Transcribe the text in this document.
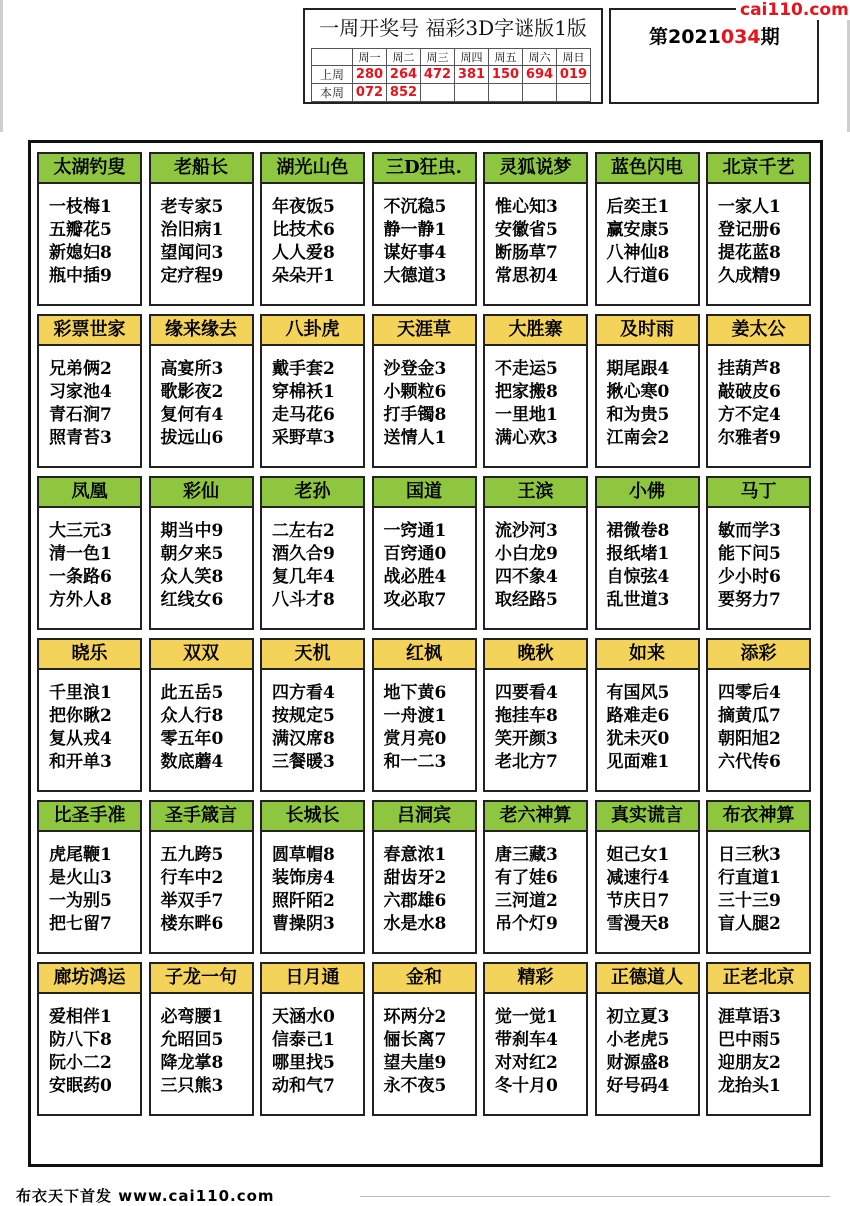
一周开奖号 福彩3D字谜版1版
	周一	周二	周三	周四	周五	周六	周日
上周	280	264	472	381	150	694	019
本周	072	852					
第2021034期
cai110.com
太湖钓叟
一枝梅1
五瓣花5
新媳妇8
瓶中插9
老船长
老专家5
治旧病1
望闻问3
定疗程9
湖光山色
年夜饭5
比技术6
人人爱8
朵朵开1
三D狂虫.
不沉稳5
静一静1
谋好事4
大德道3
灵狐说梦
惟心知3
安徽省5
断肠草7
常思初4
蓝色闪电
后奕王1
赢安康5
八神仙8
人行道6
北京千艺
一家人1
登记册6
提花蓝8
久成精9
彩票世家
兄弟俩2
习家池4
青石涧7
照青苔3
缘来缘去
高宴所3
歌影夜2
复何有4
拔远山6
八卦虎
戴手套2
穿棉袄1
走马花6
采野草3
天涯草
沙登金3
小颗粒6
打手镯8
送情人1
大胜寨
不走运5
把家搬8
一里地1
满心欢3
及时雨
期尾跟4
揪心寒0
和为贵5
江南会2
姜太公
挂葫芦8
敲破皮6
方不定4
尔雅者9
凤凰
大三元3
清一色1
一条路6
方外人8
彩仙
期当中9
朝夕来5
众人笑8
红线女6
老孙
二左右2
酒久合9
复几年4
八斗才8
国道
一窍通1
百窍通0
战必胜4
攻必取7
王滨
流沙河3
小白龙9
四不象4
取经路5
小佛
裙微卷8
报纸堵1
自惊弦4
乱世道3
马丁
敏而学3
能下问5
少小时6
要努力7
晓乐
千里浪1
把你瞅2
复从戎4
和开单3
双双
此五岳5
众人行8
零五年0
数底蘑4
天机
四方看4
按规定5
满汉席8
三餐暖3
红枫
地下黄6
一舟渡1
赏月亮0
和一二3
晚秋
四要看4
拖挂车8
笑开颜3
老北方7
如来
有国风5
路难走6
犹未灭0
见面难1
添彩
四零后4
摘黄瓜7
朝阳旭2
六代传6
比圣手准
虎尾鞭1
是火山3
一为别5
把七留7
圣手箴言
五九跨5
行车中2
举双手7
楼东畔6
长城长
圆草帽8
装饰房4
照阡陌2
曹操阴3
吕洞宾
春意浓1
甜齿牙2
六郡雄6
水是水8
老六神算
唐三藏3
有了娃6
三河道2
吊个灯9
真实谎言
妲己女1
减速行4
节庆日7
雪漫天8
布衣神算
日三秋3
行直道1
三十三9
盲人腿2
廊坊鸿运
爱相伴1
防八下8
阮小二2
安眠药0
子龙一句
必弯腰1
允昭回5
降龙掌8
三只熊3
日月通
天涵水0
信泰己1
哪里找5
动和气7
金和
环两分2
俪长离7
望夫崖9
永不夜5
精彩
觉一觉1
带刹车4
对对红2
冬十月0
正德道人
初立夏3
小老虎5
财源盛8
好号码4
正老北京
涯草语3
巴中雨5
迎朋友2
龙抬头1
布衣天下首发 www.cai110.com
